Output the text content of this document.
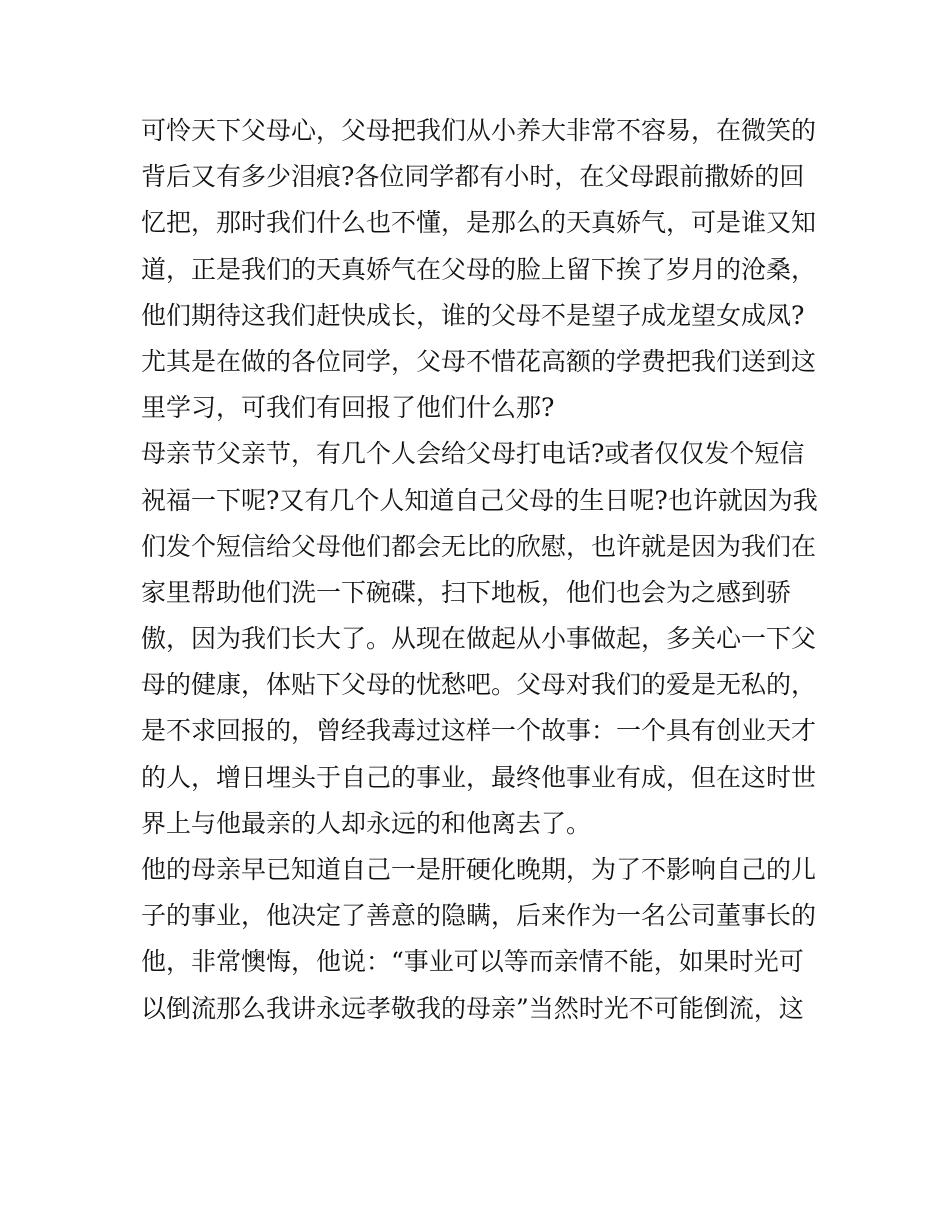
可怜天下父母心，父母把我们从小养大非常不容易，在微笑的
背后又有多少泪痕?各位同学都有小时，在父母跟前撒娇的回
忆把，那时我们什么也不懂，是那么的天真娇气，可是谁又知
道，正是我们的天真娇气在父母的脸上留下挨了岁月的沧桑，
他们期待这我们赶快成长，谁的父母不是望子成龙望女成凤?
尤其是在做的各位同学，父母不惜花高额的学费把我们送到这
里学习，可我们有回报了他们什么那?
母亲节父亲节，有几个人会给父母打电话?或者仅仅发个短信
祝福一下呢?又有几个人知道自己父母的生日呢?也许就因为我
们发个短信给父母他们都会无比的欣慰，也许就是因为我们在
家里帮助他们洗一下碗碟，扫下地板，他们也会为之感到骄
傲，因为我们长大了。从现在做起从小事做起，多关心一下父
母的健康，体贴下父母的忧愁吧。父母对我们的爱是无私的，
是不求回报的，曾经我毒过这样一个故事：一个具有创业天才
的人，增日埋头于自己的事业，最终他事业有成，但在这时世
界上与他最亲的人却永远的和他离去了。
他的母亲早已知道自己一是肝硬化晚期，为了不影响自己的儿
子的事业，他决定了善意的隐瞒，后来作为一名公司董事长的
他，非常懊悔，他说：“事业可以等而亲情不能，如果时光可
以倒流那么我讲永远孝敬我的母亲”当然时光不可能倒流，这
